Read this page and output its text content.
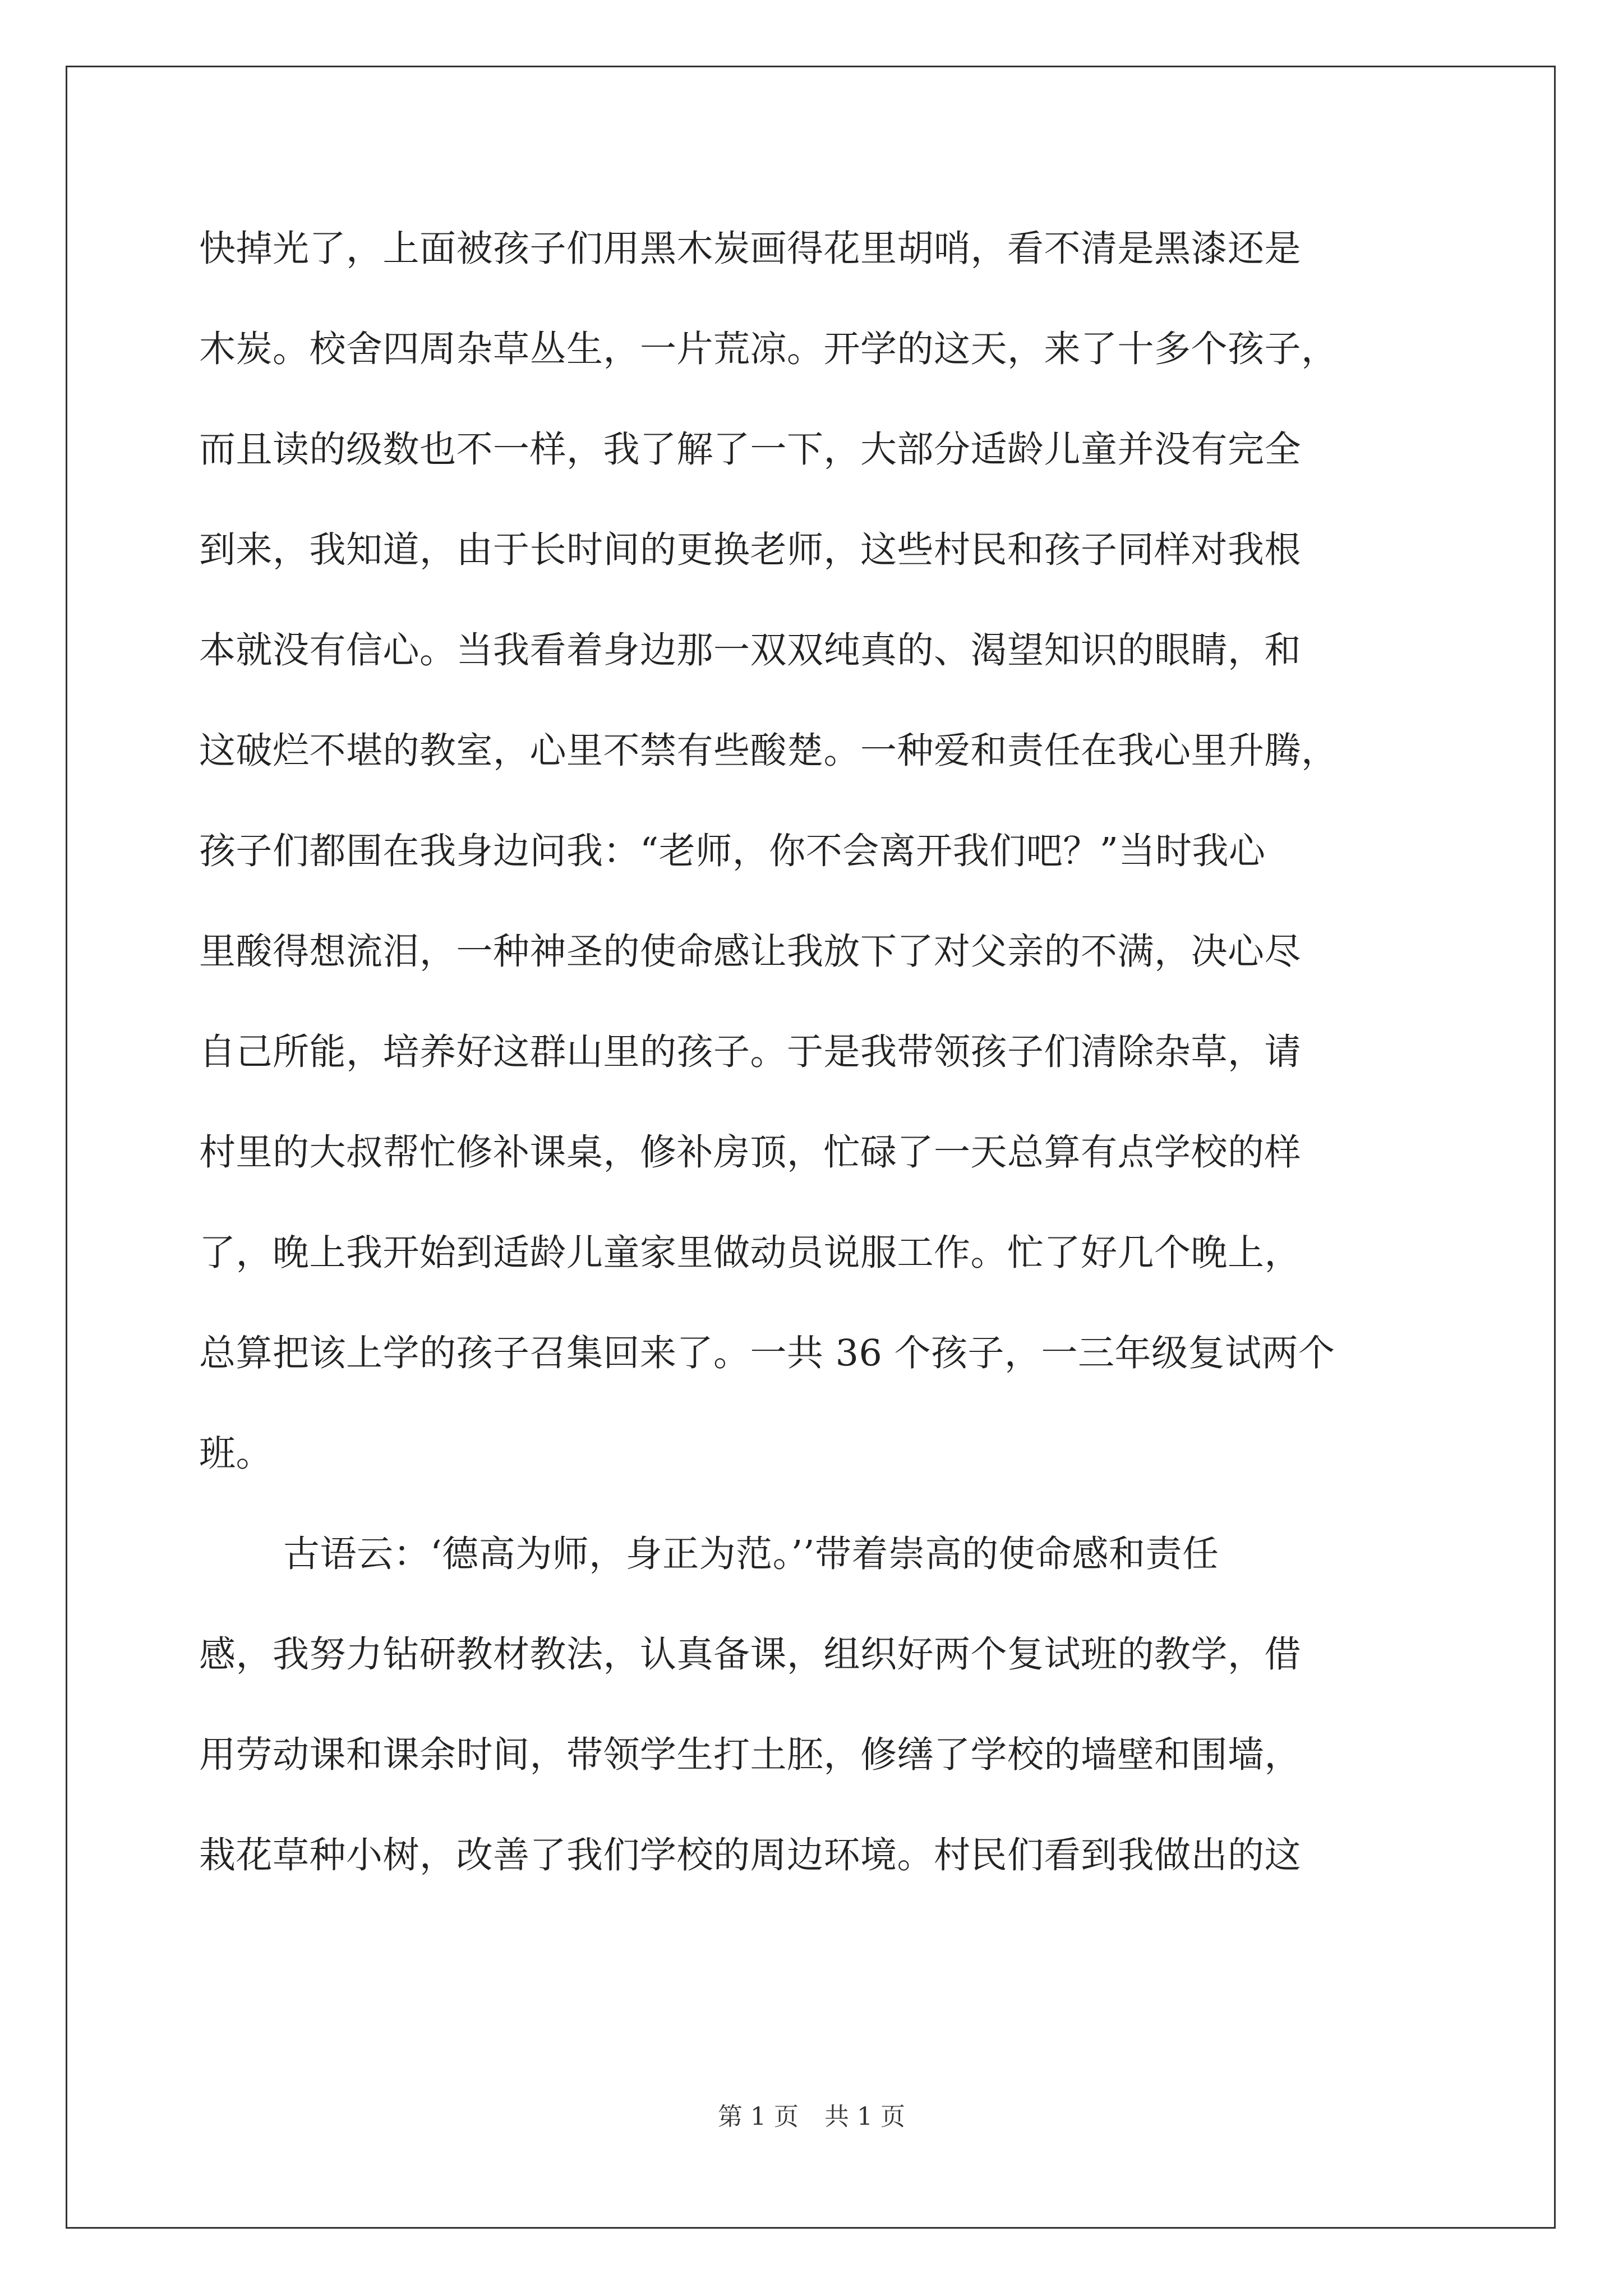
快掉光了，上面被孩子们用黑木炭画得花里胡哨，看不清是黑漆还是
木炭。校舍四周杂草丛生，一片荒凉。开学的这天，来了十多个孩子，
而且读的级数也不一样，我了解了一下，大部分适龄儿童并没有完全
到来，我知道，由于长时间的更换老师，这些村民和孩子同样对我根
本就没有信心。当我看着身边那一双双纯真的、渴望知识的眼睛，和
这破烂不堪的教室，心里不禁有些酸楚。一种爱和责任在我心里升腾，
孩子们都围在我身边问我：“老师，你不会离开我们吧？”当时我心
里酸得想流泪，一种神圣的使命感让我放下了对父亲的不满，决心尽
自己所能，培养好这群山里的孩子。于是我带领孩子们清除杂草，请
村里的大叔帮忙修补课桌，修补房顶，忙碌了一天总算有点学校的样
了，晚上我开始到适龄儿童家里做动员说服工作。忙了好几个晚上，
总算把该上学的孩子召集回来了。一共 36 个孩子，一三年级复试两个
班。
古语云：‘德高为师，身正为范。’’带着崇高的使命感和责任
感，我努力钻研教材教法，认真备课，组织好两个复试班的教学，借
用劳动课和课余时间，带领学生打土胚，修缮了学校的墙壁和围墙，
栽花草种小树，改善了我们学校的周边环境。村民们看到我做出的这
第 1 页 共 1 页
